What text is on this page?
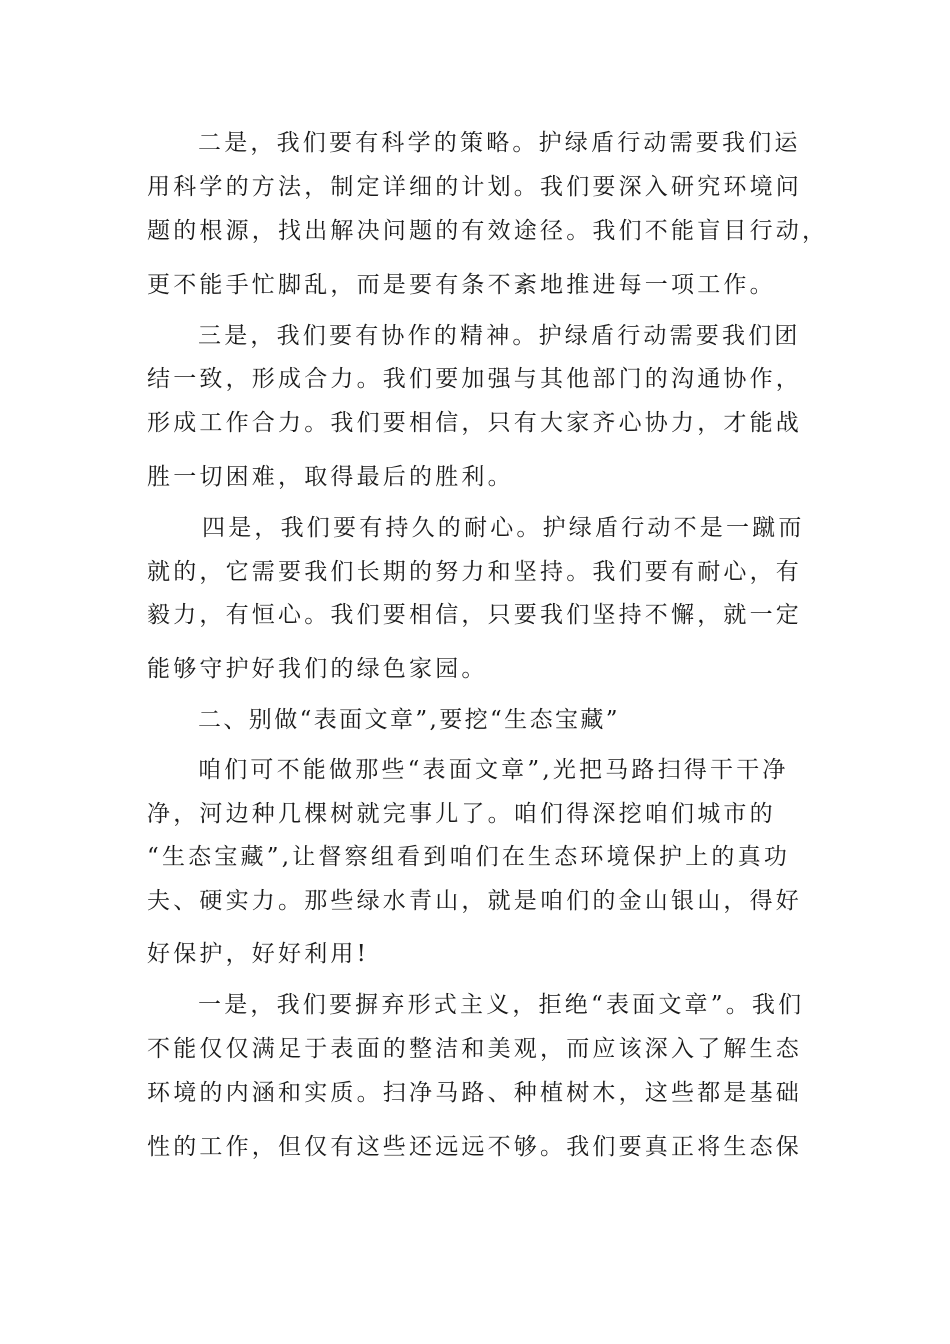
二是，我们要有科学的策略。护绿盾行动需要我们运
用科学的方法，制定详细的计划。我们要深入研究环境问
题的根源，找出解决问题的有效途径。我们不能盲目行动，
更不能手忙脚乱，而是要有条不紊地推进每一项工作。
三是，我们要有协作的精神。护绿盾行动需要我们团
结一致，形成合力。我们要加强与其他部门的沟通协作，
形成工作合力。我们要相信，只有大家齐心协力，才能战
胜一切困难，取得最后的胜利。
四是，我们要有持久的耐心。护绿盾行动不是一蹴而
就的，它需要我们长期的努力和坚持。我们要有耐心，有
毅力，有恒心。我们要相信，只要我们坚持不懈，就一定
能够守护好我们的绿色家园。
二、别做“表面文章”,要挖“生态宝藏”
咱们可不能做那些“表面文章”,光把马路扫得干干净
净，河边种几棵树就完事儿了。咱们得深挖咱们城市的
“生态宝藏”,让督察组看到咱们在生态环境保护上的真功
夫、硬实力。那些绿水青山，就是咱们的金山银山，得好
好保护，好好利用!
一是，我们要摒弃形式主义，拒绝“表面文章”。我们
不能仅仅满足于表面的整洁和美观，而应该深入了解生态
环境的内涵和实质。扫净马路、种植树木，这些都是基础
性的工作，但仅有这些还远远不够。我们要真正将生态保
